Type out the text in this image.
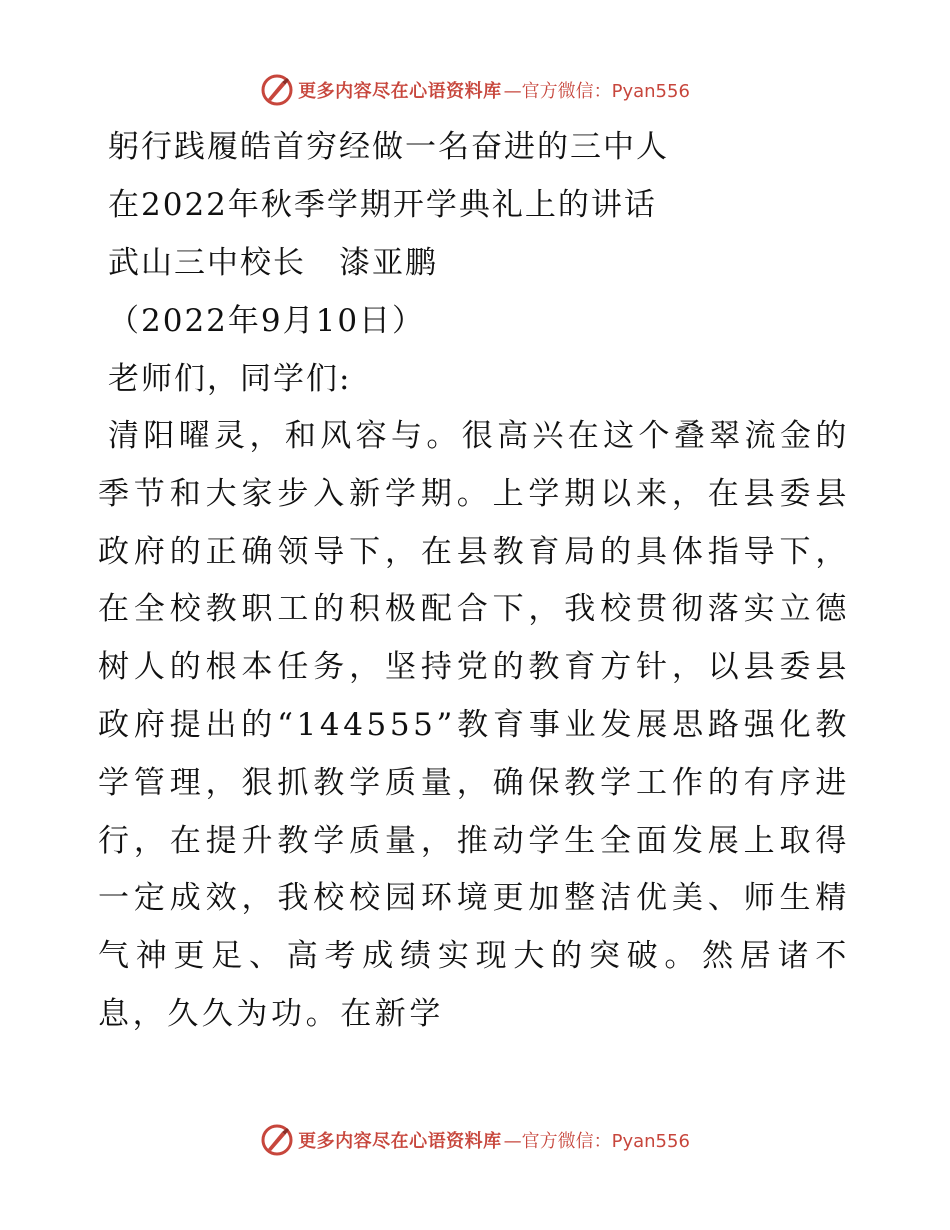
更多内容尽在心语资料库 —官方微信：Pyan556
躬行践履皓首穷经做一名奋进的三中人
在2022年秋季学期开学典礼上的讲话
武山三中校长　漆亚鹏
（2022年9月10日）
老师们，同学们:

清阳曜灵，和风容与。很高兴在这个叠翠流金的季节和大家步入新学期。上学期以来，在县委县政府的正确领导下，在县教育局的具体指导下，在全校教职工的积极配合下，我校贯彻落实立德树人的根本任务，坚持党的教育方针，以县委县政府提出的“144555”教育事业发展思路强化教学管理，狠抓教学质量，确保教学工作的有序进行，在提升教学质量，推动学生全面发展上取得一定成效，我校校园环境更加整洁优美、师生精气神更足、高考成绩实现大的突破。然居诸不息，久久为功。在新学

更多内容尽在心语资料库 —官方微信：Pyan556
